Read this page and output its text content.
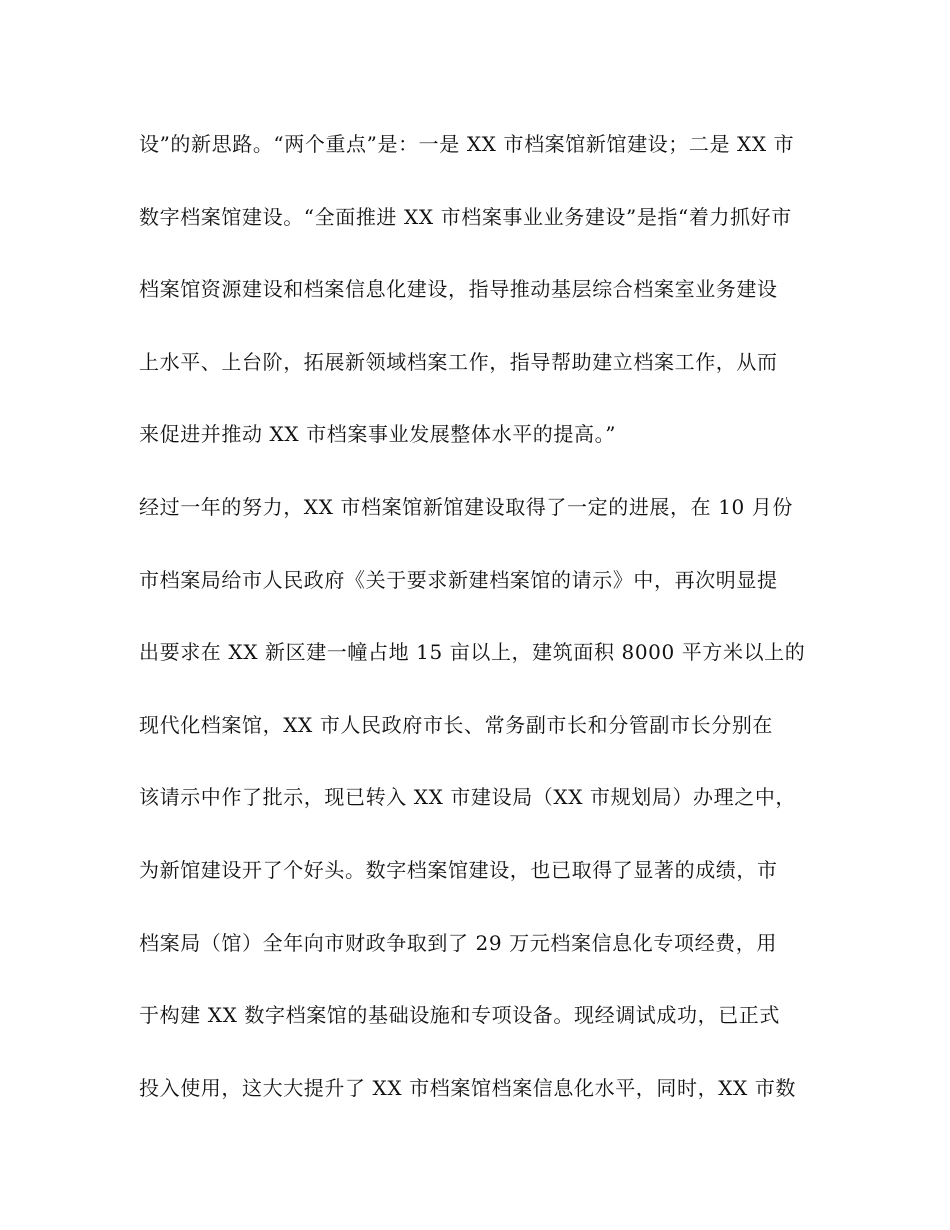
设”的新思路。“两个重点”是：一是 XX 市档案馆新馆建设；二是 XX 市
数字档案馆建设。“全面推进 XX 市档案事业业务建设”是指“着力抓好市
档案馆资源建设和档案信息化建设，指导推动基层综合档案室业务建设
上水平、上台阶，拓展新领域档案工作，指导帮助建立档案工作，从而
来促进并推动 XX 市档案事业发展整体水平的提高。”
经过一年的努力，XX 市档案馆新馆建设取得了一定的进展，在 10 月份
市档案局给市人民政府《关于要求新建档案馆的请示》中，再次明显提
出要求在 XX 新区建一幢占地 15 亩以上，建筑面积 8000 平方米以上的
现代化档案馆，XX 市人民政府市长、常务副市长和分管副市长分别在
该请示中作了批示，现已转入 XX 市建设局（XX 市规划局）办理之中，
为新馆建设开了个好头。数字档案馆建设，也已取得了显著的成绩，市
档案局（馆）全年向市财政争取到了 29 万元档案信息化专项经费，用
于构建 XX 数字档案馆的基础设施和专项设备。现经调试成功，已正式
投入使用，这大大提升了 XX 市档案馆档案信息化水平，同时，XX 市数
